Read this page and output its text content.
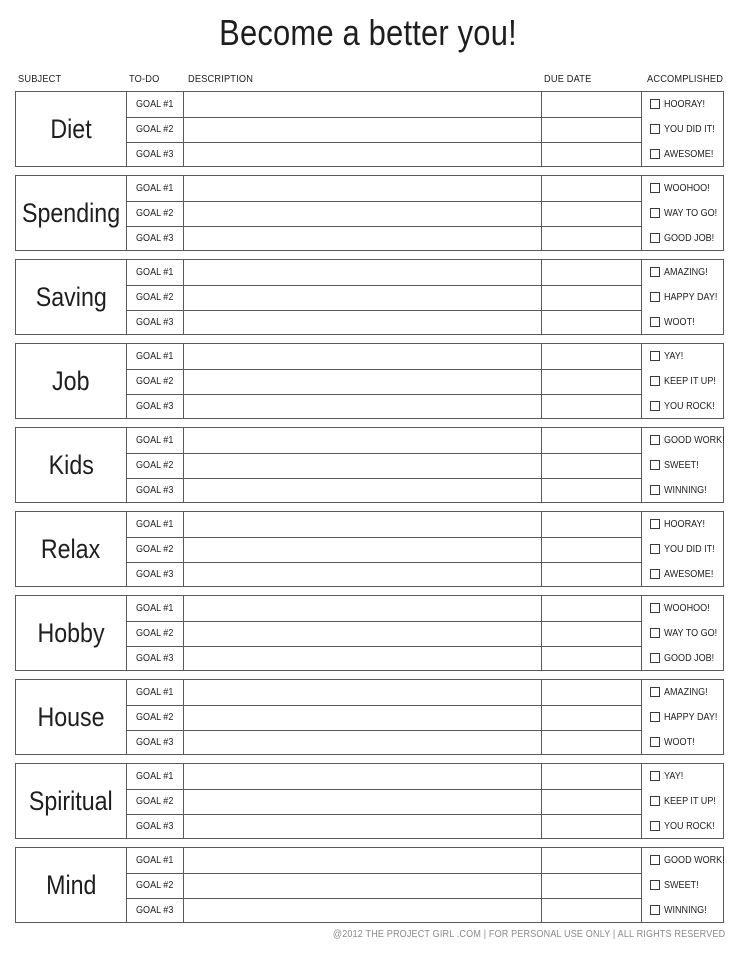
Become a better you!
SUBJECT	TO-DO	DESCRIPTION	DUE DATE	ACCOMPLISHED
Diet
GOAL #1	HOORAY!
GOAL #2	YOU DID IT!
GOAL #3	AWESOME!
Spending
GOAL #1	WOOHOO!
GOAL #2	WAY TO GO!
GOAL #3	GOOD JOB!
Saving
GOAL #1	AMAZING!
GOAL #2	HAPPY DAY!
GOAL #3	WOOT!
Job
GOAL #1	YAY!
GOAL #2	KEEP IT UP!
GOAL #3	YOU ROCK!
Kids
GOAL #1	GOOD WORK!
GOAL #2	SWEET!
GOAL #3	WINNING!
Relax
GOAL #1	HOORAY!
GOAL #2	YOU DID IT!
GOAL #3	AWESOME!
Hobby
GOAL #1	WOOHOO!
GOAL #2	WAY TO GO!
GOAL #3	GOOD JOB!
House
GOAL #1	AMAZING!
GOAL #2	HAPPY DAY!
GOAL #3	WOOT!
Spiritual
GOAL #1	YAY!
GOAL #2	KEEP IT UP!
GOAL #3	YOU ROCK!
Mind
GOAL #1	GOOD WORK!
GOAL #2	SWEET!
GOAL #3	WINNING!
@2012 THE PROJECT GIRL .COM | FOR PERSONAL USE ONLY | ALL RIGHTS RESERVED
